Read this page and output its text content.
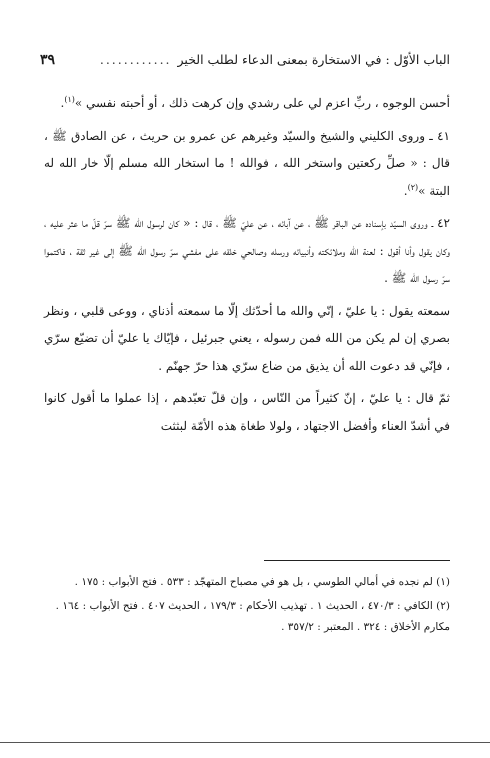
الباب الأوّل : في الاستخارة بمعنى الدعاء لطلب الخير
............
٣٩

أحسن الوجوه ، ربِّ اعزم لي على رشدي وإن كرهت ذلك ، أو أحبته نفسي »$^{(١)}$.

٤١ ـ وروى الكليني والشيخ والسيّد وغيرهم عن عمرو بن حريث ، عن الصادق ﷺ ، قال : « صلِّ ركعتين واستخر الله ، فوالله ! ما استخار الله مسلم إلّا خار الله له البتة »$^{(٢)}$.

٤٢ ـ وروى السيّد بإسناده عن الباقر ﷺ ، عن آبائه ، عن عليّ ﷺ ، قال : « كان لرسول الله ﷺ سرّ قلّ ما عثر عليه ، وكان يقول وأنا أقول : لعنة الله وملائكته وأنبيائه ورسله وصالحي خلقه على مفشي سرّ رسول الله ﷺ إلى غير ثقة ، فاكتموا سرّ رسول الله ﷺ .

سمعته يقول : يا عليّ ، إنّي والله ما أحدّثك إلّا ما سمعته أذناي ، ووعى قلبي ، ونظر بصري إن لم يكن من الله فمن رسوله ، يعني جبرئيل ، فإيّاك يا عليّ أن تضيّع سرّي ، فإنّي قد دعوت الله أن يذيق من ضاع سرّي هذا حرّ جهنّم .

ثمّ قال : يا عليّ ، إنّ كثيراً من النّاس ، وإن قلّ تعبّدهم ، إذا عملوا ما أقول كانوا في أشدّ العناء وأفضل الاجتهاد ، ولولا طغاة هذه الأمّة لبثثت

(١) لم نجده في أمالي الطوسي ، بل هو في مصباح المتهجّد : ٥٣٣ . فتح الأبواب : ١٧٥ .
(٢) الكافي : ٤٧٠/٣ ، الحديث ١ . تهذيب الأحكام : ١٧٩/٣ ، الحديث ٤٠٧ . فتح الأبواب : ١٦٤ . مكارم الأخلاق : ٣٢٤ . المعتبر : ٣٥٧/٢ .
